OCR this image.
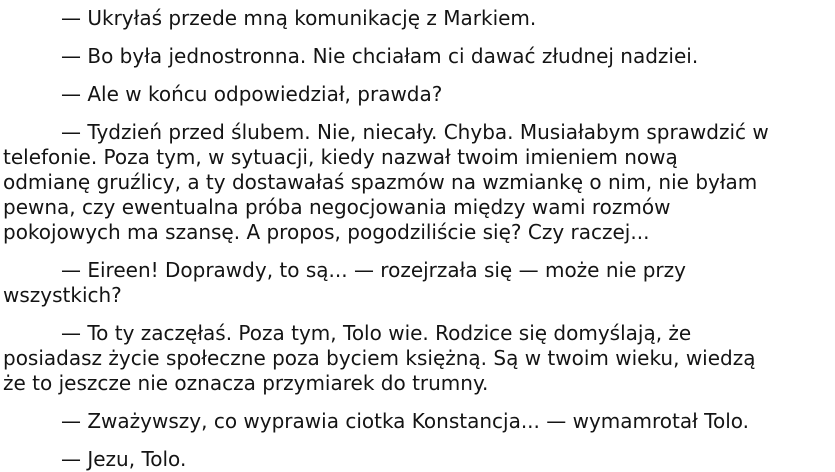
— Ukryłaś przede mną komunikację z Markiem.
— Bo była jednostronna. Nie chciałam ci dawać złudnej nadziei.
— Ale w końcu odpowiedział, prawda?
— Tydzień przed ślubem. Nie, niecały. Chyba. Musiałabym sprawdzić w
telefonie. Poza tym, w sytuacji, kiedy nazwał twoim imieniem nową
odmianę gruźlicy, a ty dostawałaś spazmów na wzmiankę o nim, nie byłam
pewna, czy ewentualna próba negocjowania między wami rozmów
pokojowych ma szansę. A propos, pogodziliście się? Czy raczej...
— Eireen! Doprawdy, to są... — rozejrzała się — może nie przy
wszystkich?
— To ty zaczęłaś. Poza tym, Tolo wie. Rodzice się domyślają, że
posiadasz życie społeczne poza byciem księżną. Są w twoim wieku, wiedzą
że to jeszcze nie oznacza przymiarek do trumny.
— Zważywszy, co wyprawia ciotka Konstancja... — wymamrotał Tolo.
— Jezu, Tolo.
